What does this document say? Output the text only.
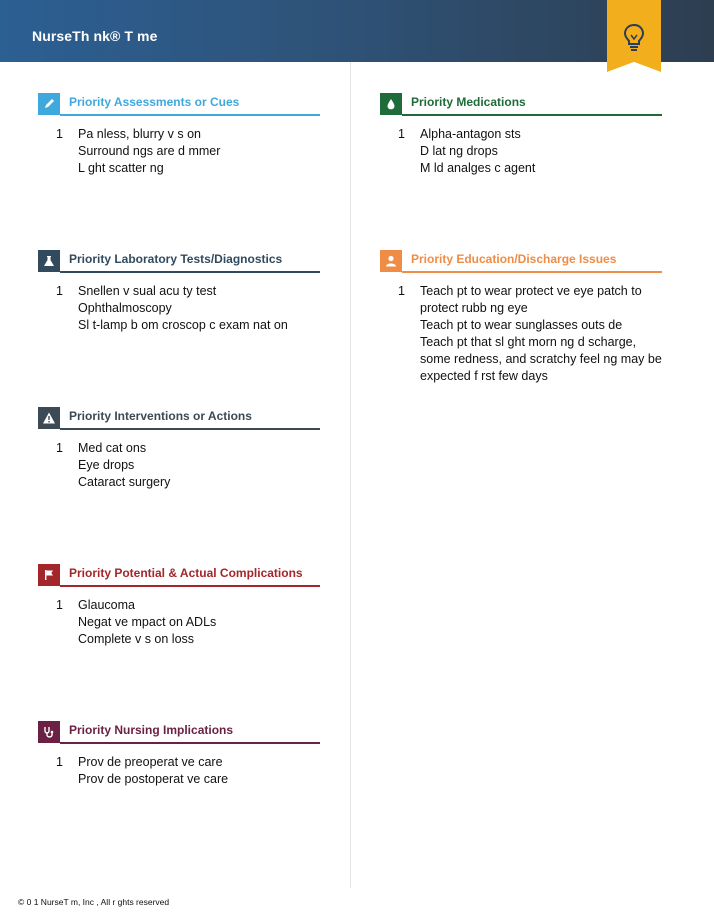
NurseTh nk® T me
Priority Assessments or Cues
1	Pa nless, blurry v s on
Surround ngs are d mmer
L ght scatter ng
Priority Laboratory Tests/Diagnostics
1	Snellen v sual acu ty test
Ophthalmoscopy
Sl t-lamp b om croscop c exam nat on
Priority Interventions or Actions
1	Med cat ons
Eye drops
Cataract surgery
Priority Potential & Actual Complications
1	Glaucoma
Negat ve mpact on ADLs
Complete v s on loss
Priority Nursing Implications
1	Prov de preoperat ve care
Prov de postoperat ve care
Priority Medications
1	Alpha-antagon sts
D lat ng drops
M ld analges c agent
Priority Education/Discharge Issues
1	Teach pt to wear protect ve eye patch to protect rubb ng eye
Teach pt to wear sunglasses outs de
Teach pt that sl ght morn ng d scharge, some redness, and scratchy feel ng may be expected f rst few days
© 0 1 NurseT m, Inc , All r ghts reserved
